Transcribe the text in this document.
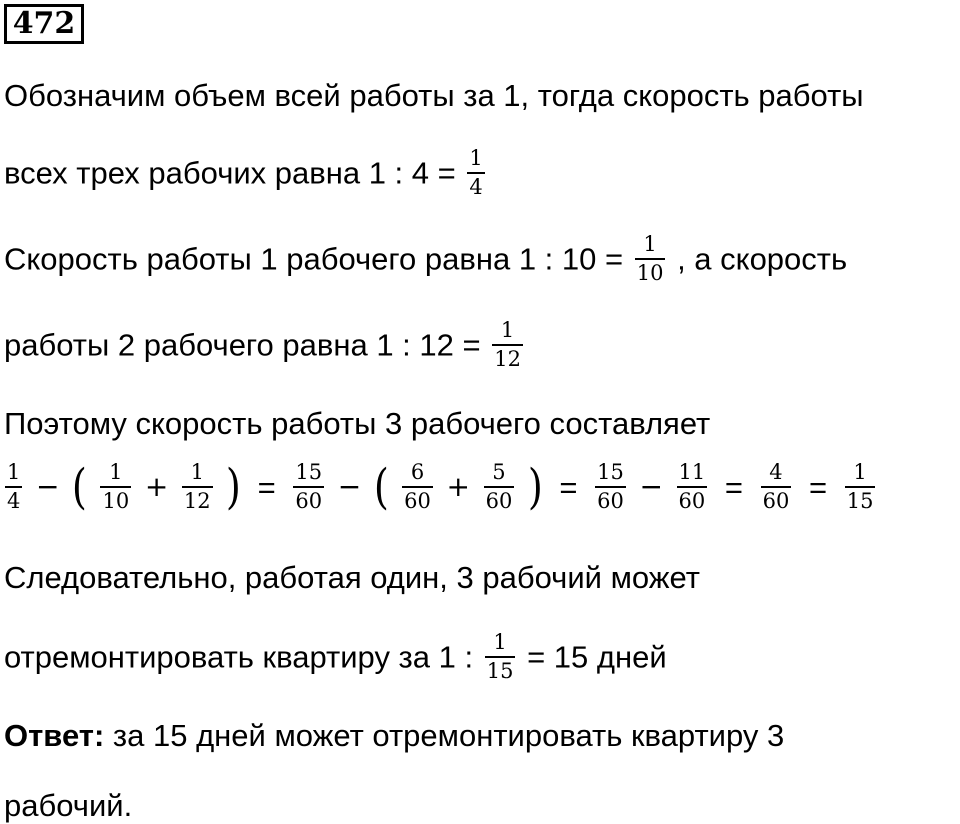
472
Обозначим объем всей работы за 1, тогда скорость работы
всех трех рабочих равна 1 : $4 = \frac{1}{4}$
Скорость работы 1 рабочего равна 1 : $10 = \frac{1}{10}$ , а скорость
работы 2 рабочего равна 1 : $12 = \frac{1}{12}$
Поэтому скорость работы 3 рабочего составляет
$\frac{1}{4}$ − ( $\frac{1}{10} + \frac{1}{12}$ ) = $\frac{15}{60}$ − ( $\frac{6}{60} + \frac{5}{60}$ ) = $\frac{15}{60} - \frac{11}{60} = \frac{4}{60} = \frac{1}{15}$
Следовательно, работая один, 3 рабочий может
отремонтировать квартиру за 1 : $\frac{1}{15} = 15$ дней
Ответ: за 15 дней может отремонтировать квартиру 3
рабочий.
